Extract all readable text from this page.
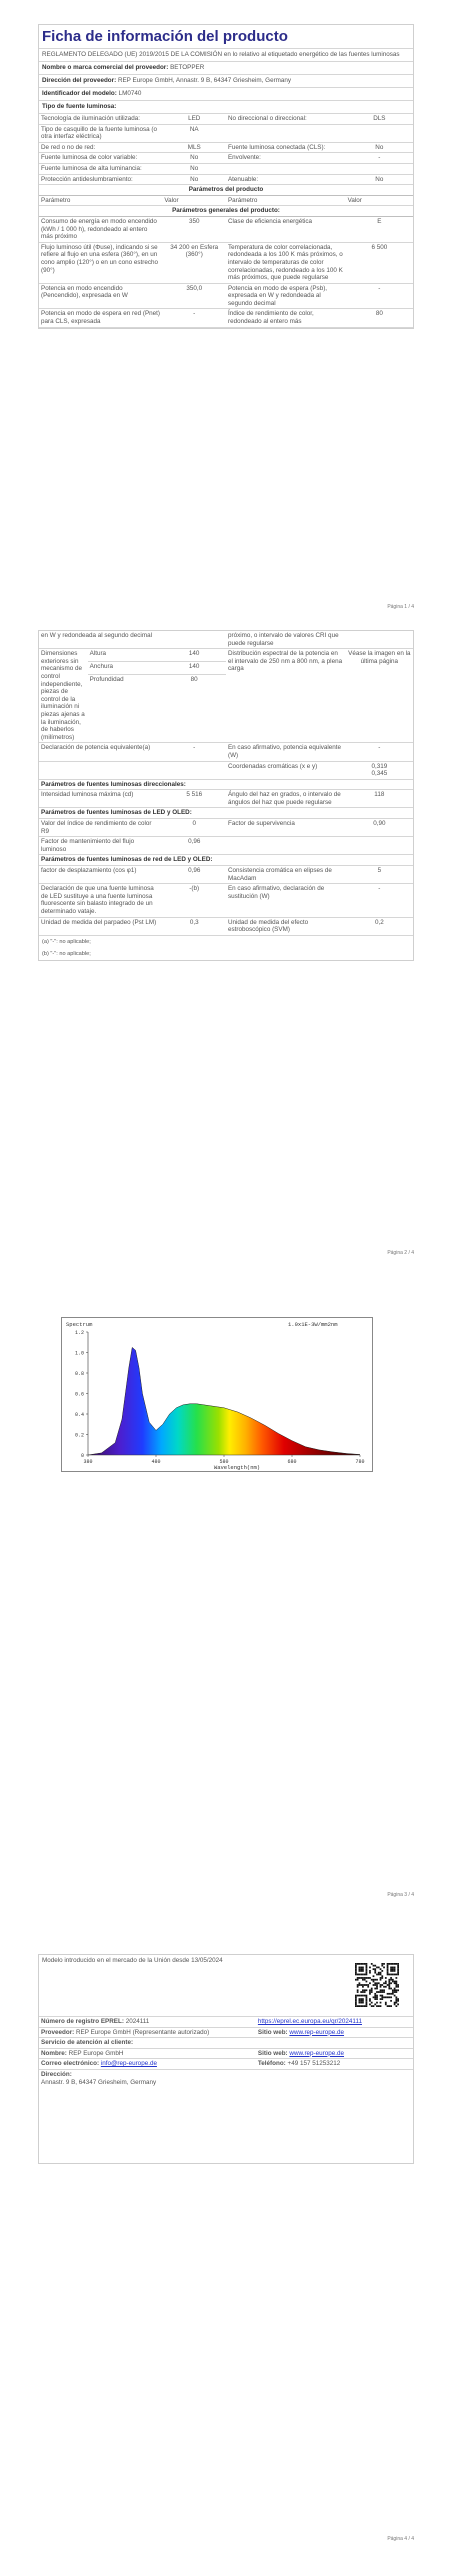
Ficha de información del producto
REGLAMENTO DELEGADO (UE) 2019/2015 DE LA COMISIÓN en lo relativo al etiquetado energético de las fuentes luminosas
Nombre o marca comercial del proveedor: BETOPPER
Dirección del proveedor: REP Europe GmbH, Annastr. 9 B, 64347 Griesheim, Germany
Identificador del modelo: LM0740
Tipo de fuente luminosa:
Tecnología de iluminación utilizada:	LED	No direccional o direccional:	DLS
Tipo de casquillo de la fuente luminosa (o otra interfaz eléctrica)	NA		
De red o no de red:	MLS	Fuente luminosa conectada (CLS):	No
Fuente luminosa de color variable:	No	Envolvente:	-
Fuente luminosa de alta luminancia:	No		
Protección antideslumbramiento:	No	Atenuable:	No
Parámetros del producto			
Parámetro	Valor	Parámetro	Valor
Parámetros generales del producto:			
Consumo de energía en modo encendido (kWh / 1 000 h), redondeado al entero más próximo	350	Clase de eficiencia energética	E
Flujo luminoso útil (Φuse), indicando si se refiere al flujo en una esfera (360°), en un cono amplio (120°) o en un cono estrecho (90°)	34 200 en Esfera (360°)	Temperatura de color correlacionada, redondeada a los 100 K más próximos, o intervalo de temperaturas de color correlacionadas, redondeado a los 100 K más próximos, que puede regularse	6 500
Potencia en modo encendido (Pencendido), expresada en W	350,0	Potencia en modo de espera (Psb), expresada en W y redondeada al segundo decimal	-
Potencia en modo de espera en red (Pnet) para CLS, expresada	-	Índice de rendimiento de color, redondeado al entero más	80
Página 1 / 4
en W y redondeada al segundo decimal			próximo, o intervalo de valores CRI que puede regularse	
Dimensiones exteriores sin mecanismo de control independiente, piezas de control de la iluminación ni piezas ajenas a la iluminación, de haberlos (milímetros)	Altura	140	Distribución espectral de la potencia en el intervalo de 250 nm a 800 nm, a plena carga	Véase la imagen en la última página
	Anchura	140		
	Profundidad	80		
Declaración de potencia equivalente(a)		-	En caso afirmativo, potencia equivalente (W)	-
			Coordenadas cromáticas (x e y)	0,319
0,345
Parámetros de fuentes luminosas direccionales:			
Intensidad luminosa máxima (cd)	5 516	Ángulo del haz en grados, o intervalo de ángulos del haz que puede regularse	118
Parámetros de fuentes luminosas de LED y OLED:			
Valor del índice de rendimiento de color R9	0	Factor de supervivencia	0,90
Factor de mantenimiento del flujo luminoso	0,96		
Parámetros de fuentes luminosas de red de LED y OLED:			
factor de desplazamiento (cos φ1)	0,96	Consistencia cromática en elipses de MacAdam	5
Declaración de que una fuente luminosa de LED sustituye a una fuente luminosa fluorescente sin balasto integrado de un determinado vataje.	-(b)	En caso afirmativo, declaración de sustitución (W)	-
Unidad de medida del parpadeo (Pst LM)	0,3	Unidad de medida del efecto estroboscópico (SVM)	0,2
(a) "-": no aplicable;
(b) "-": no aplicable;
Página 2 / 4
Página 3 / 4
Spectrum	1.0x1E-3W/mm2nm
0
0.2
0.4
0.6
0.8
1.0
1.2
380	480	580	680	780
Wavelength(nm)
Modelo introducido en el mercado de la Unión desde 13/05/2024
Número de registro EPREL: 2024111	https://eprel.ec.europa.eu/qr/2024111
Proveedor: REP Europe GmbH (Representante autorizado)	Sitio web: www.rep-europe.de
Servicio de atención al cliente:	
Nombre: REP Europe GmbH	Sitio web: www.rep-europe.de
Correo electrónico: info@rep-europe.de	Teléfono: +49 157 51253212
Dirección:
Annastr. 9 B, 64347 Griesheim, Germany	
Página 4 / 4
